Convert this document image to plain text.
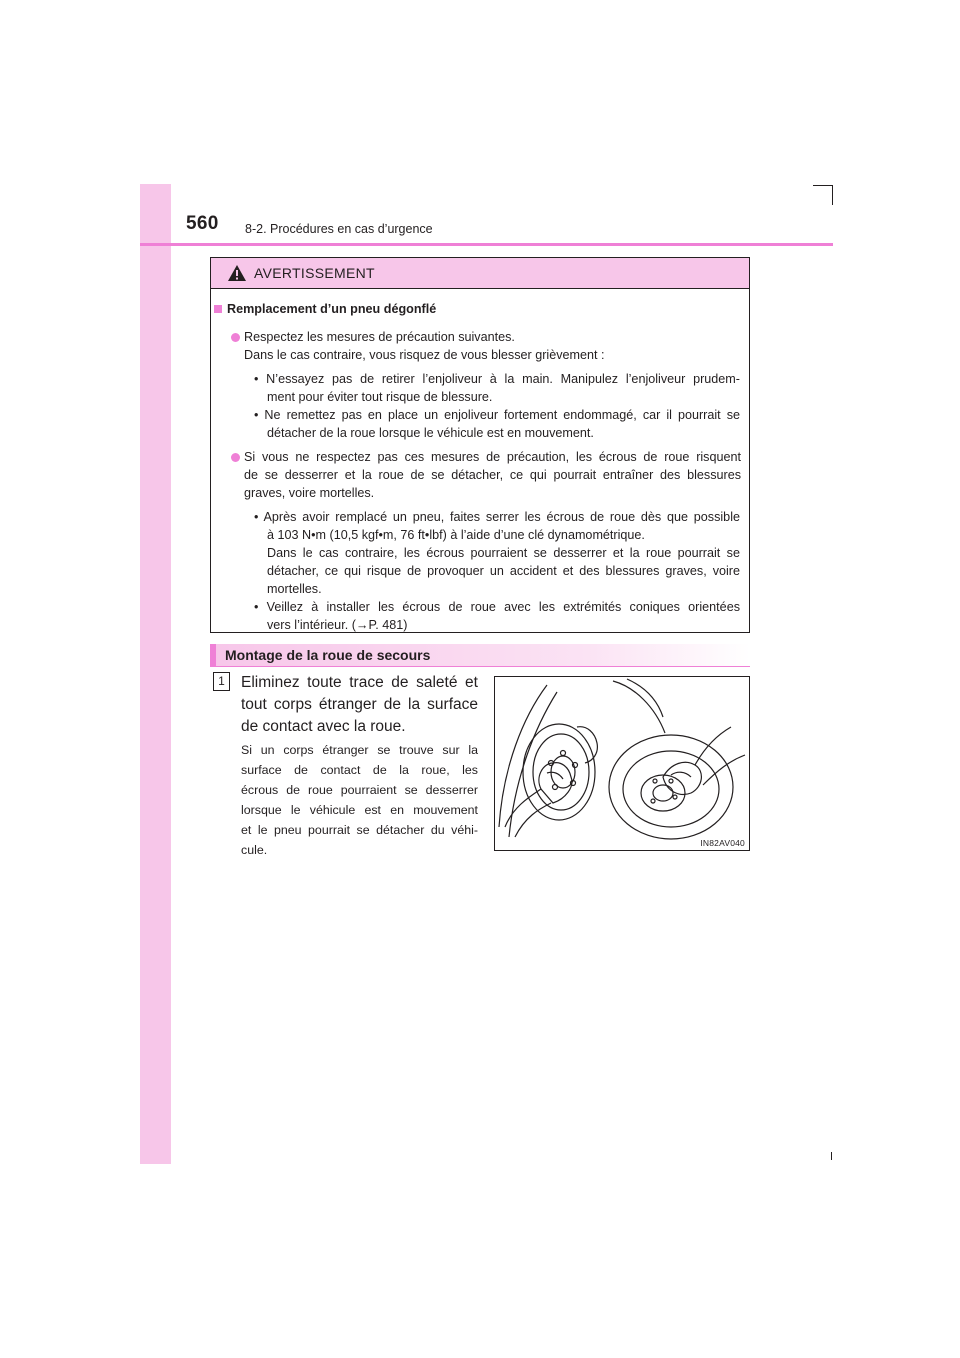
560 8-2. Procédures en cas d’urgence
AVERTISSEMENT
Remplacement d’un pneu dégonflé
Respectez les mesures de précaution suivantes.
Dans le cas contraire, vous risquez de vous blesser grièvement :
• N’essayez pas de retirer l’enjoliveur à la main. Manipulez l’enjoliveur prudem-
ment pour éviter tout risque de blessure.
• Ne remettez pas en place un enjoliveur fortement endommagé, car il pourrait se
détacher de la roue lorsque le véhicule est en mouvement.
Si vous ne respectez pas ces mesures de précaution, les écrous de roue risquent
de se desserrer et la roue de se détacher, ce qui pourrait entraîner des blessures
graves, voire mortelles.
• Après avoir remplacé un pneu, faites serrer les écrous de roue dès que possible
à 103 N•m (10,5 kgf•m, 76 ft•lbf) à l’aide d’une clé dynamométrique.
Dans le cas contraire, les écrous pourraient se desserrer et la roue pourrait se
détacher, ce qui risque de provoquer un accident et des blessures graves, voire
mortelles.
• Veillez à installer les écrous de roue avec les extrémités coniques orientées
vers l’intérieur. (→P. 481)
Montage de la roue de secours
1	Eliminez toute trace de saleté et
tout corps étranger de la surface
de contact avec la roue.
Si un corps étranger se trouve sur la
surface de contact de la roue, les
écrous de roue pourraient se desserrer
lorsque le véhicule est en mouvement
et le pneu pourrait se détacher du véhi-
cule.	IN82AV040
